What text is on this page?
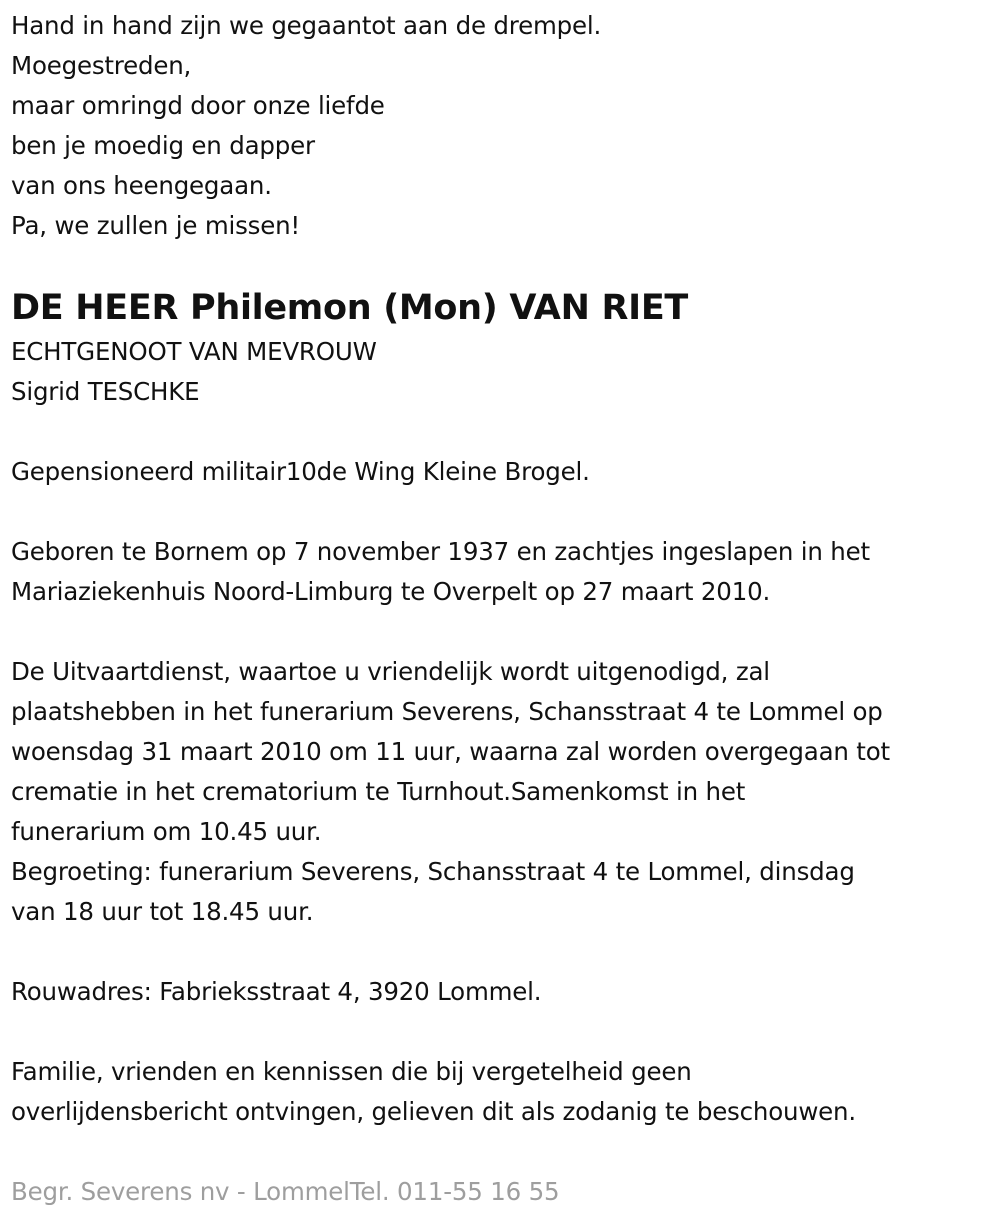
Hand in hand zijn we gegaantot aan de drempel.
Moegestreden,
maar omringd door onze liefde
ben je moedig en dapper
van ons heengegaan.
Pa, we zullen je missen!
DE HEER Philemon (Mon) VAN RIET
ECHTGENOOT VAN MEVROUW
Sigrid TESCHKE
Gepensioneerd militair10de Wing Kleine Brogel.
Geboren te Bornem op 7 november 1937 en zachtjes ingeslapen in het
Mariaziekenhuis Noord-Limburg te Overpelt op 27 maart 2010.
De Uitvaartdienst, waartoe u vriendelijk wordt uitgenodigd, zal
plaatshebben in het funerarium Severens, Schansstraat 4 te Lommel op
woensdag 31 maart 2010 om 11 uur, waarna zal worden overgegaan tot
crematie in het crematorium te Turnhout.Samenkomst in het
funerarium om 10.45 uur.
Begroeting: funerarium Severens, Schansstraat 4 te Lommel, dinsdag
van 18 uur tot 18.45 uur.
Rouwadres: Fabrieksstraat 4, 3920 Lommel.
Familie, vrienden en kennissen die bij vergetelheid geen
overlijdensbericht ontvingen, gelieven dit als zodanig te beschouwen.
Begr. Severens nv - LommelTel. 011-55 16 55
